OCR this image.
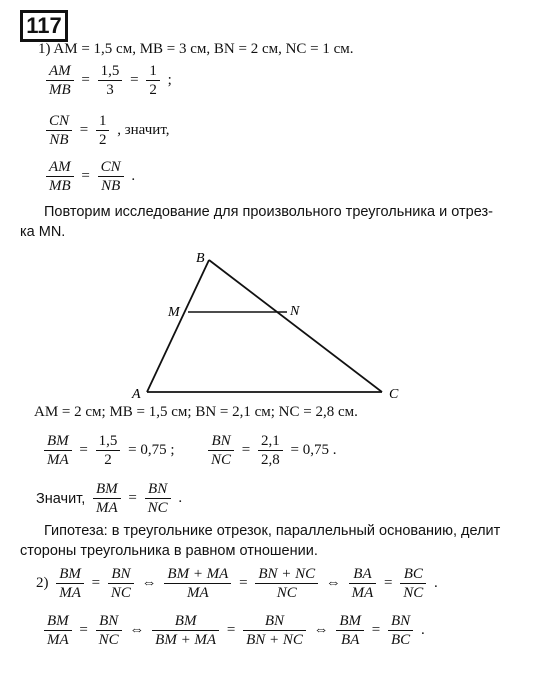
117
1) AM = 1,5 см, MB = 3 см, BN = 2 см, NC = 1 см.
$\frac{AM}{MB} = \frac{1,5}{3} = \frac{1}{2}$ ;
$\frac{CN}{NB} = \frac{1}{2}$ , значит,
$\frac{AM}{MB} = \frac{CN}{NB}$ .
Повторим исследование для произвольного треугольника и отрез-
ка MN.
B
M	N
A	C
AM = 2 см; MB = 1,5 см; BN = 2,1 см; NC = 2,8 см.
$\frac{BM}{MA} = \frac{1,5}{2} = 0,75$ ; $\frac{BN}{NC} = \frac{2,1}{2,8} = 0,75$ .
Значит, $\frac{BM}{MA} = \frac{BN}{NC}$ .
Гипотеза: в треугольнике отрезок, параллельный основанию, делит
стороны треугольника в равном отношении.
$2) \frac{BM}{MA} = \frac{BN}{NC}$ ⇔ $\frac{BM + MA}{MA} = \frac{BN + NC}{NC}$ ⇔ $\frac{BA}{MA} = \frac{BC}{NC}$ .
$\frac{BM}{MA} = \frac{BN}{NC}$ ⇔ $\frac{BM}{BM + MA} = \frac{BN}{BN + NC}$ ⇔ $\frac{BM}{BA} = \frac{BN}{BC}$ .
